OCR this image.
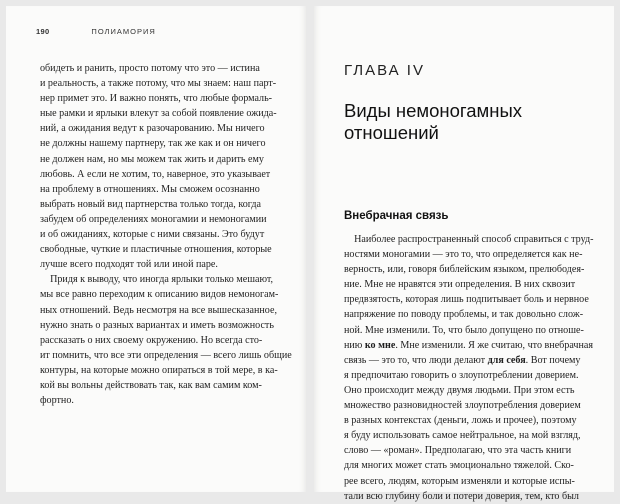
190	ПОЛИАМОРИЯ
обидеть и ранить, просто потому что это — истина
и реальность, а также потому, что мы знаем: наш парт-
нер примет это. И важно понять, что любые формаль-
ные рамки и ярлыки влекут за собой появление ожида-
ний, а ожидания ведут к разочарованию. Мы ничего
не должны нашему партнеру, так же как и он ничего
не должен нам, но мы можем так жить и дарить ему
любовь. А если не хотим, то, наверное, это указывает
на проблему в отношениях. Мы сможем осознанно
выбрать новый вид партнерства только тогда, когда
забудем об определениях моногамии и немоногамии
и об ожиданиях, которые с ними связаны. Это будут
свободные, чуткие и пластичные отношения, которые
лучше всего подходят той или иной паре.
 Придя к выводу, что иногда ярлыки только мешают,
мы все равно переходим к описанию видов немоногам-
ных отношений. Ведь несмотря на все вышесказанное,
нужно знать о разных вариантах и иметь возможность
рассказать о них своему окружению. Но всегда сто-
ит помнить, что все эти определения — всего лишь общие
контуры, на которые можно опираться в той мере, в ка-
кой вы вольны действовать так, как вам самим ком-
фортно.
ГЛАВА IV
Виды немоногамных отношений
Внебрачная связь
 Наиболее распространенный способ справиться с труд-
ностями моногамии — это то, что определяется как не-
верность, или, говоря библейским языком, прелюбодея-
ние. Мне не нравятся эти определения. В них сквозит
предвзятость, которая лишь подпитывает боль и нервное
напряжение по поводу проблемы, и так довольно слож-
ной. Мне изменили. То, что было допущено по отноше-
нию ко мне. Мне изменили. Я же считаю, что внебрачная
связь — это то, что люди делают для себя. Вот почему
я предпочитаю говорить о злоупотреблении доверием.
Оно происходит между двумя людьми. При этом есть
множество разновидностей злоупотребления доверием
в разных контекстах (деньги, ложь и прочее), поэтому
я буду использовать самое нейтральное, на мой взгляд,
слово — «роман». Предполагаю, что эта часть книги
для многих может стать эмоционально тяжелой. Ско-
рее всего, людям, которым изменяли и которые испы-
тали всю глубину боли и потери доверия, тем, кто был
